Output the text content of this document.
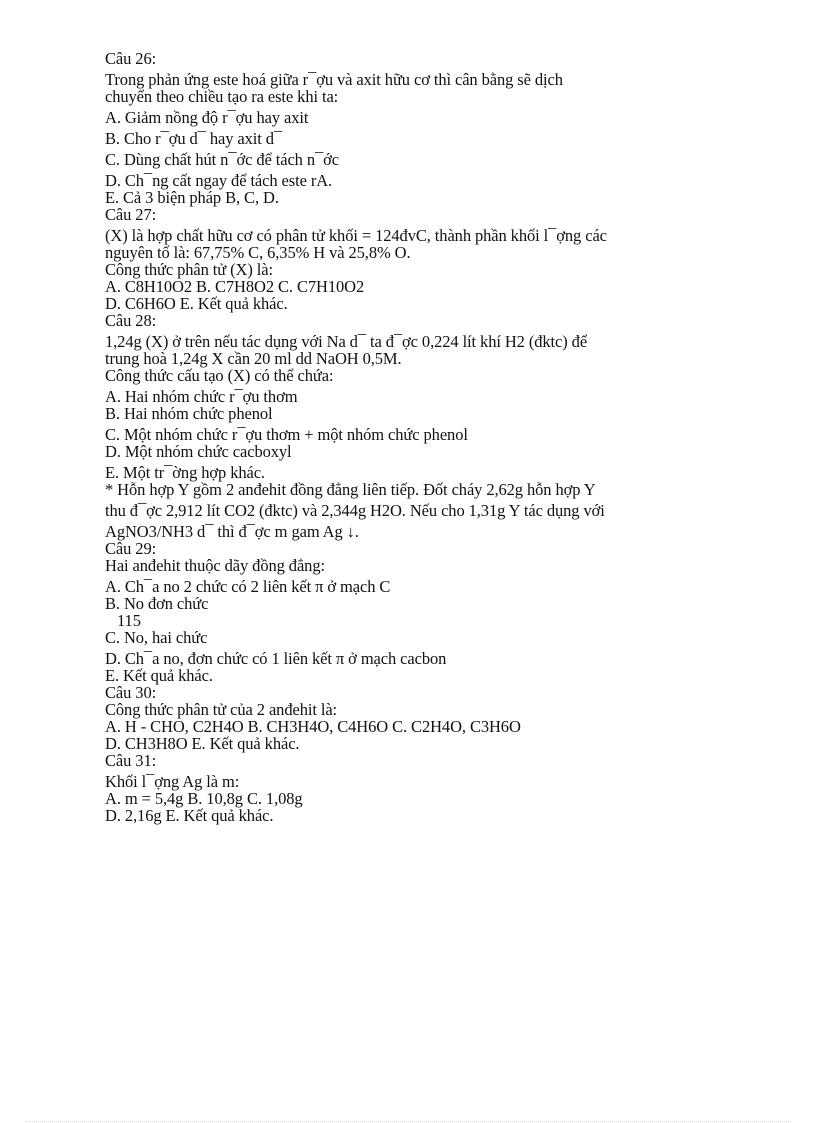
Câu 26:
Trong phản ứng este hoá giữa r¯ợu và axit hữu cơ thì cân bằng sẽ dịch
chuyển theo chiều tạo ra este khi ta:
A. Giảm nồng độ r¯ợu hay axit
B. Cho r¯ợu d¯ hay axit d¯
C. Dùng chất hút n¯ớc để tách n¯ớc
D. Ch¯ng cất ngay để tách este rA.
E. Cả 3 biện pháp B, C, D.
Câu 27:
(X) là hợp chất hữu cơ có phân tử khối = 124đvC, thành phần khối l¯ợng các
nguyên tố là: 67,75% C, 6,35% H và 25,8% O.
Công thức phân tử (X) là:
A. C8H10O2 B. C7H8O2 C. C7H10O2
D. C6H6O E. Kết quả khác.
Câu 28:
1,24g (X) ở trên nếu tác dụng với Na d¯ ta đ¯ợc 0,224 lít khí H2 (đktc) để
trung hoà 1,24g X cần 20 ml dd NaOH 0,5M.
Công thức cấu tạo (X) có thể chứa:
A. Hai nhóm chức r¯ợu thơm
B. Hai nhóm chức phenol
C. Một nhóm chức r¯ợu thơm + một nhóm chức phenol
D. Một nhóm chức cacboxyl
E. Một tr¯ờng hợp khác.
* Hỗn hợp Y gồm 2 anđehit đồng đẳng liên tiếp. Đốt cháy 2,62g hỗn hợp Y
thu đ¯ợc 2,912 lít CO2 (đktc) và 2,344g H2O. Nếu cho 1,31g Y tác dụng với
AgNO3/NH3 d¯ thì đ¯ợc m gam Ag ↓.
Câu 29:
Hai anđehit thuộc dãy đồng đẳng:
A. Ch¯a no 2 chức có 2 liên kết π ở mạch C
B. No đơn chức
115
C. No, hai chức
D. Ch¯a no, đơn chức có 1 liên kết π ở mạch cacbon
E. Kết quả khác.
Câu 30:
Công thức phân tử của 2 anđehit là:
A. H - CHO, C2H4O B. CH3H4O, C4H6O C. C2H4O, C3H6O
D. CH3H8O E. Kết quả khác.
Câu 31:
Khối l¯ợng Ag là m:
A. m = 5,4g B. 10,8g C. 1,08g
D. 2,16g E. Kết quả khác.
